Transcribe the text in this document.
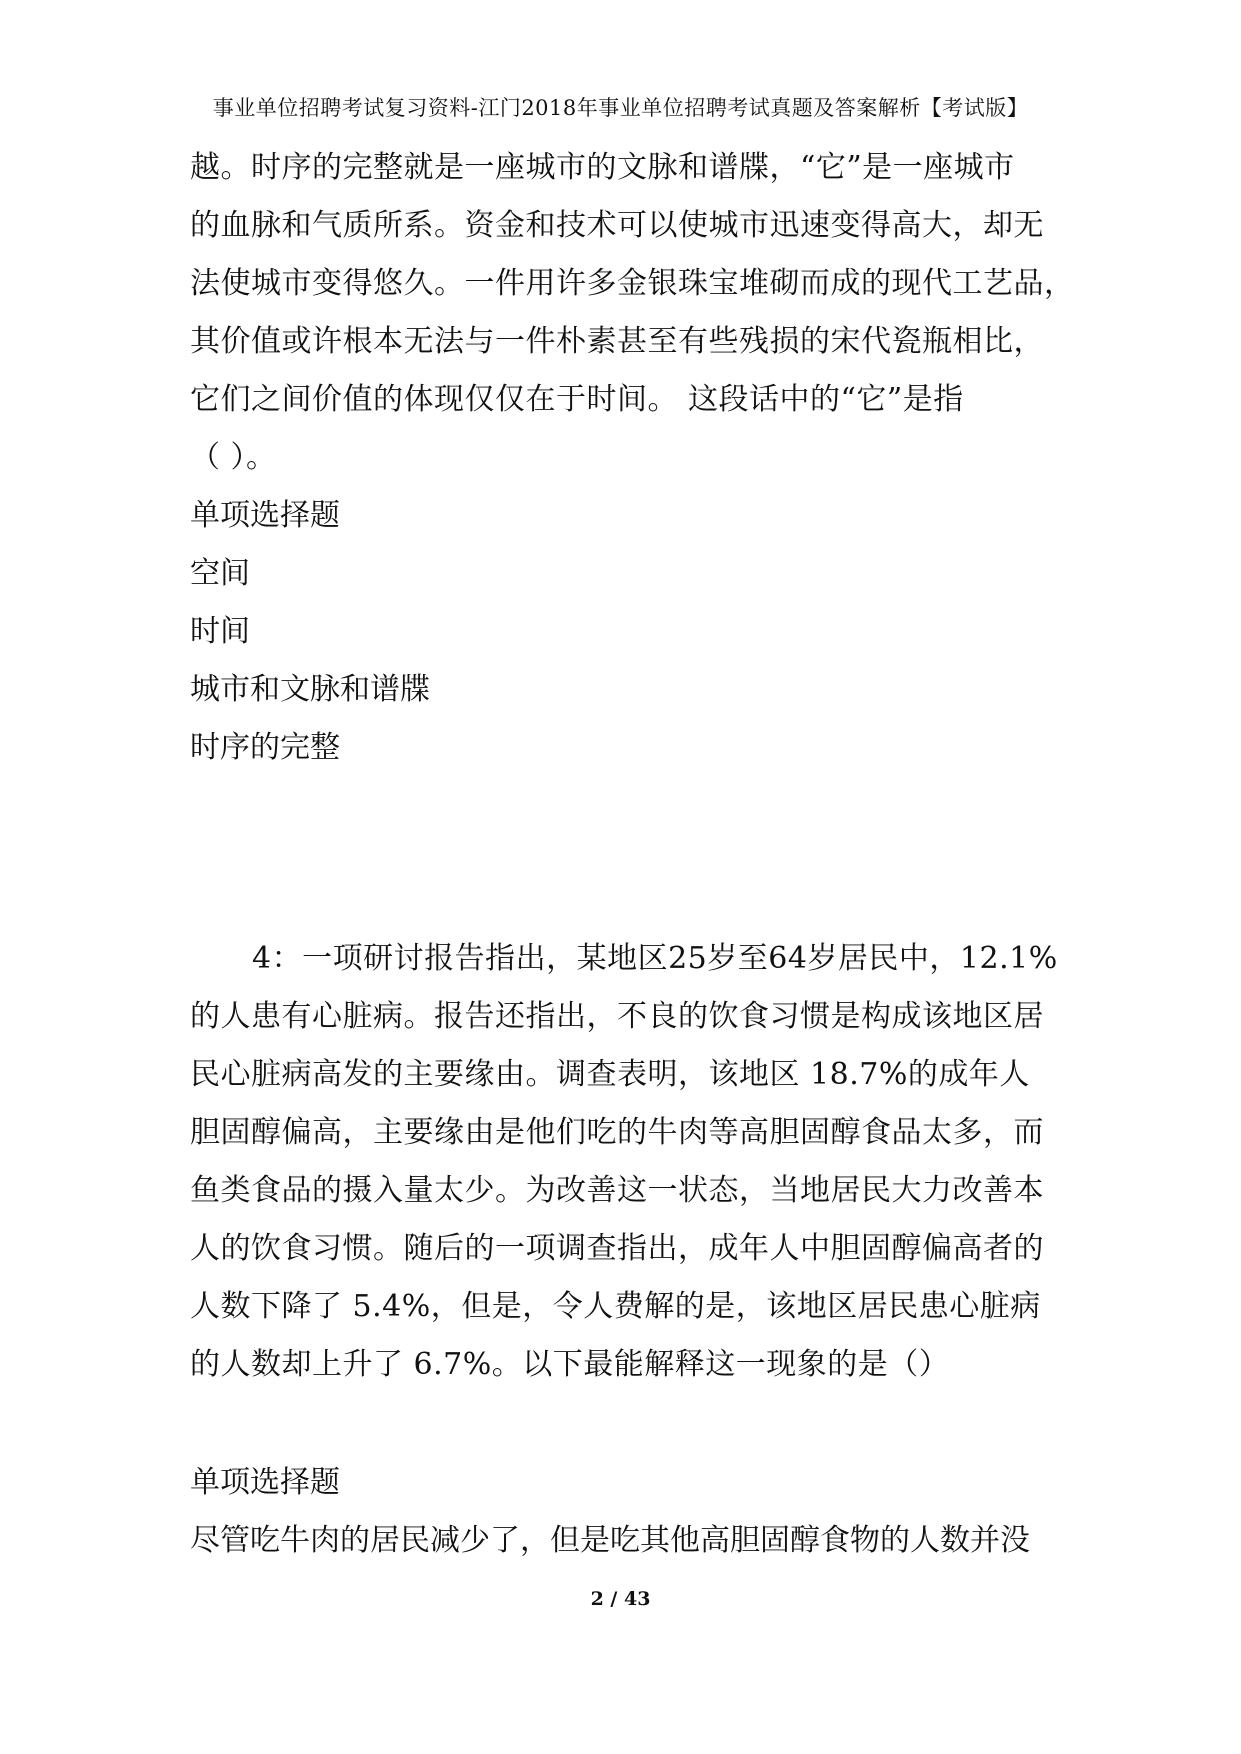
事业单位招聘考试复习资料-江门2018年事业单位招聘考试真题及答案解析【考试版】
越。时序的完整就是一座城市的文脉和谱牒，“它”是一座城市
的血脉和气质所系。资金和技术可以使城市迅速变得高大，却无
法使城市变得悠久。一件用许多金银珠宝堆砌而成的现代工艺品，
其价值或许根本无法与一件朴素甚至有些残损的宋代瓷瓶相比，
它们之间价值的体现仅仅在于时间。 这段话中的“它”是指
（ ）。
单项选择题
空间
时间
城市和文脉和谱牒
时序的完整
4：一项研讨报告指出，某地区25岁至64岁居民中，12.1%
的人患有心脏病。报告还指出，不良的饮食习惯是构成该地区居
民心脏病高发的主要缘由。调查表明，该地区 18.7%的成年人
胆固醇偏高，主要缘由是他们吃的牛肉等高胆固醇食品太多，而
鱼类食品的摄入量太少。为改善这一状态，当地居民大力改善本
人的饮食习惯。随后的一项调查指出，成年人中胆固醇偏高者的
人数下降了 5.4%，但是，令人费解的是，该地区居民患心脏病
的人数却上升了 6.7%。以下最能解释这一现象的是（）
单项选择题
尽管吃牛肉的居民减少了，但是吃其他高胆固醇食物的人数并没
2 / 43
